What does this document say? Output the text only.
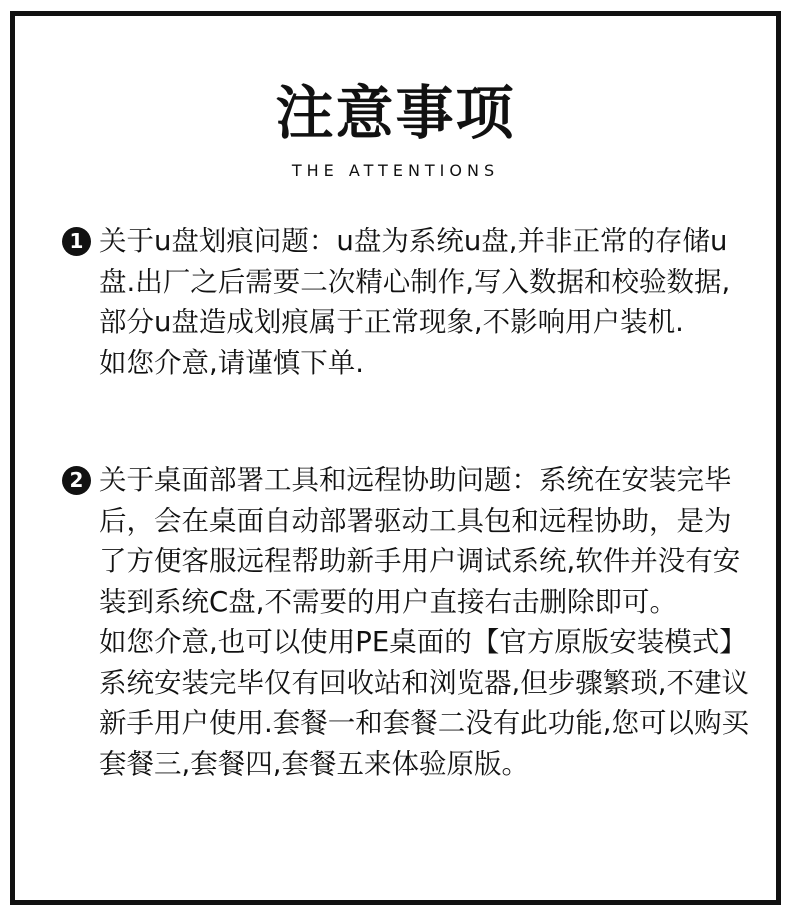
注意事项
THE ATTENTIONS
1 关于u盘划痕问题：u盘为系统u盘,并非正常的存储u盘.出厂之后需要二次精心制作,写入数据和校验数据,部分u盘造成划痕属于正常现象,不影响用户装机.

如您介意,请谨慎下单.

2 关于桌面部署工具和远程协助问题：系统在安装完毕后，会在桌面自动部署驱动工具包和远程协助，是为了方便客服远程帮助新手用户调试系统,软件并没有安装到系统C盘,不需要的用户直接右击删除即可。

如您介意,也可以使用PE桌面的【官方原版安装模式】系统安装完毕仅有回收站和浏览器,但步骤繁琐,不建议新手用户使用.套餐一和套餐二没有此功能,您可以购买套餐三,套餐四,套餐五来体验原版。
